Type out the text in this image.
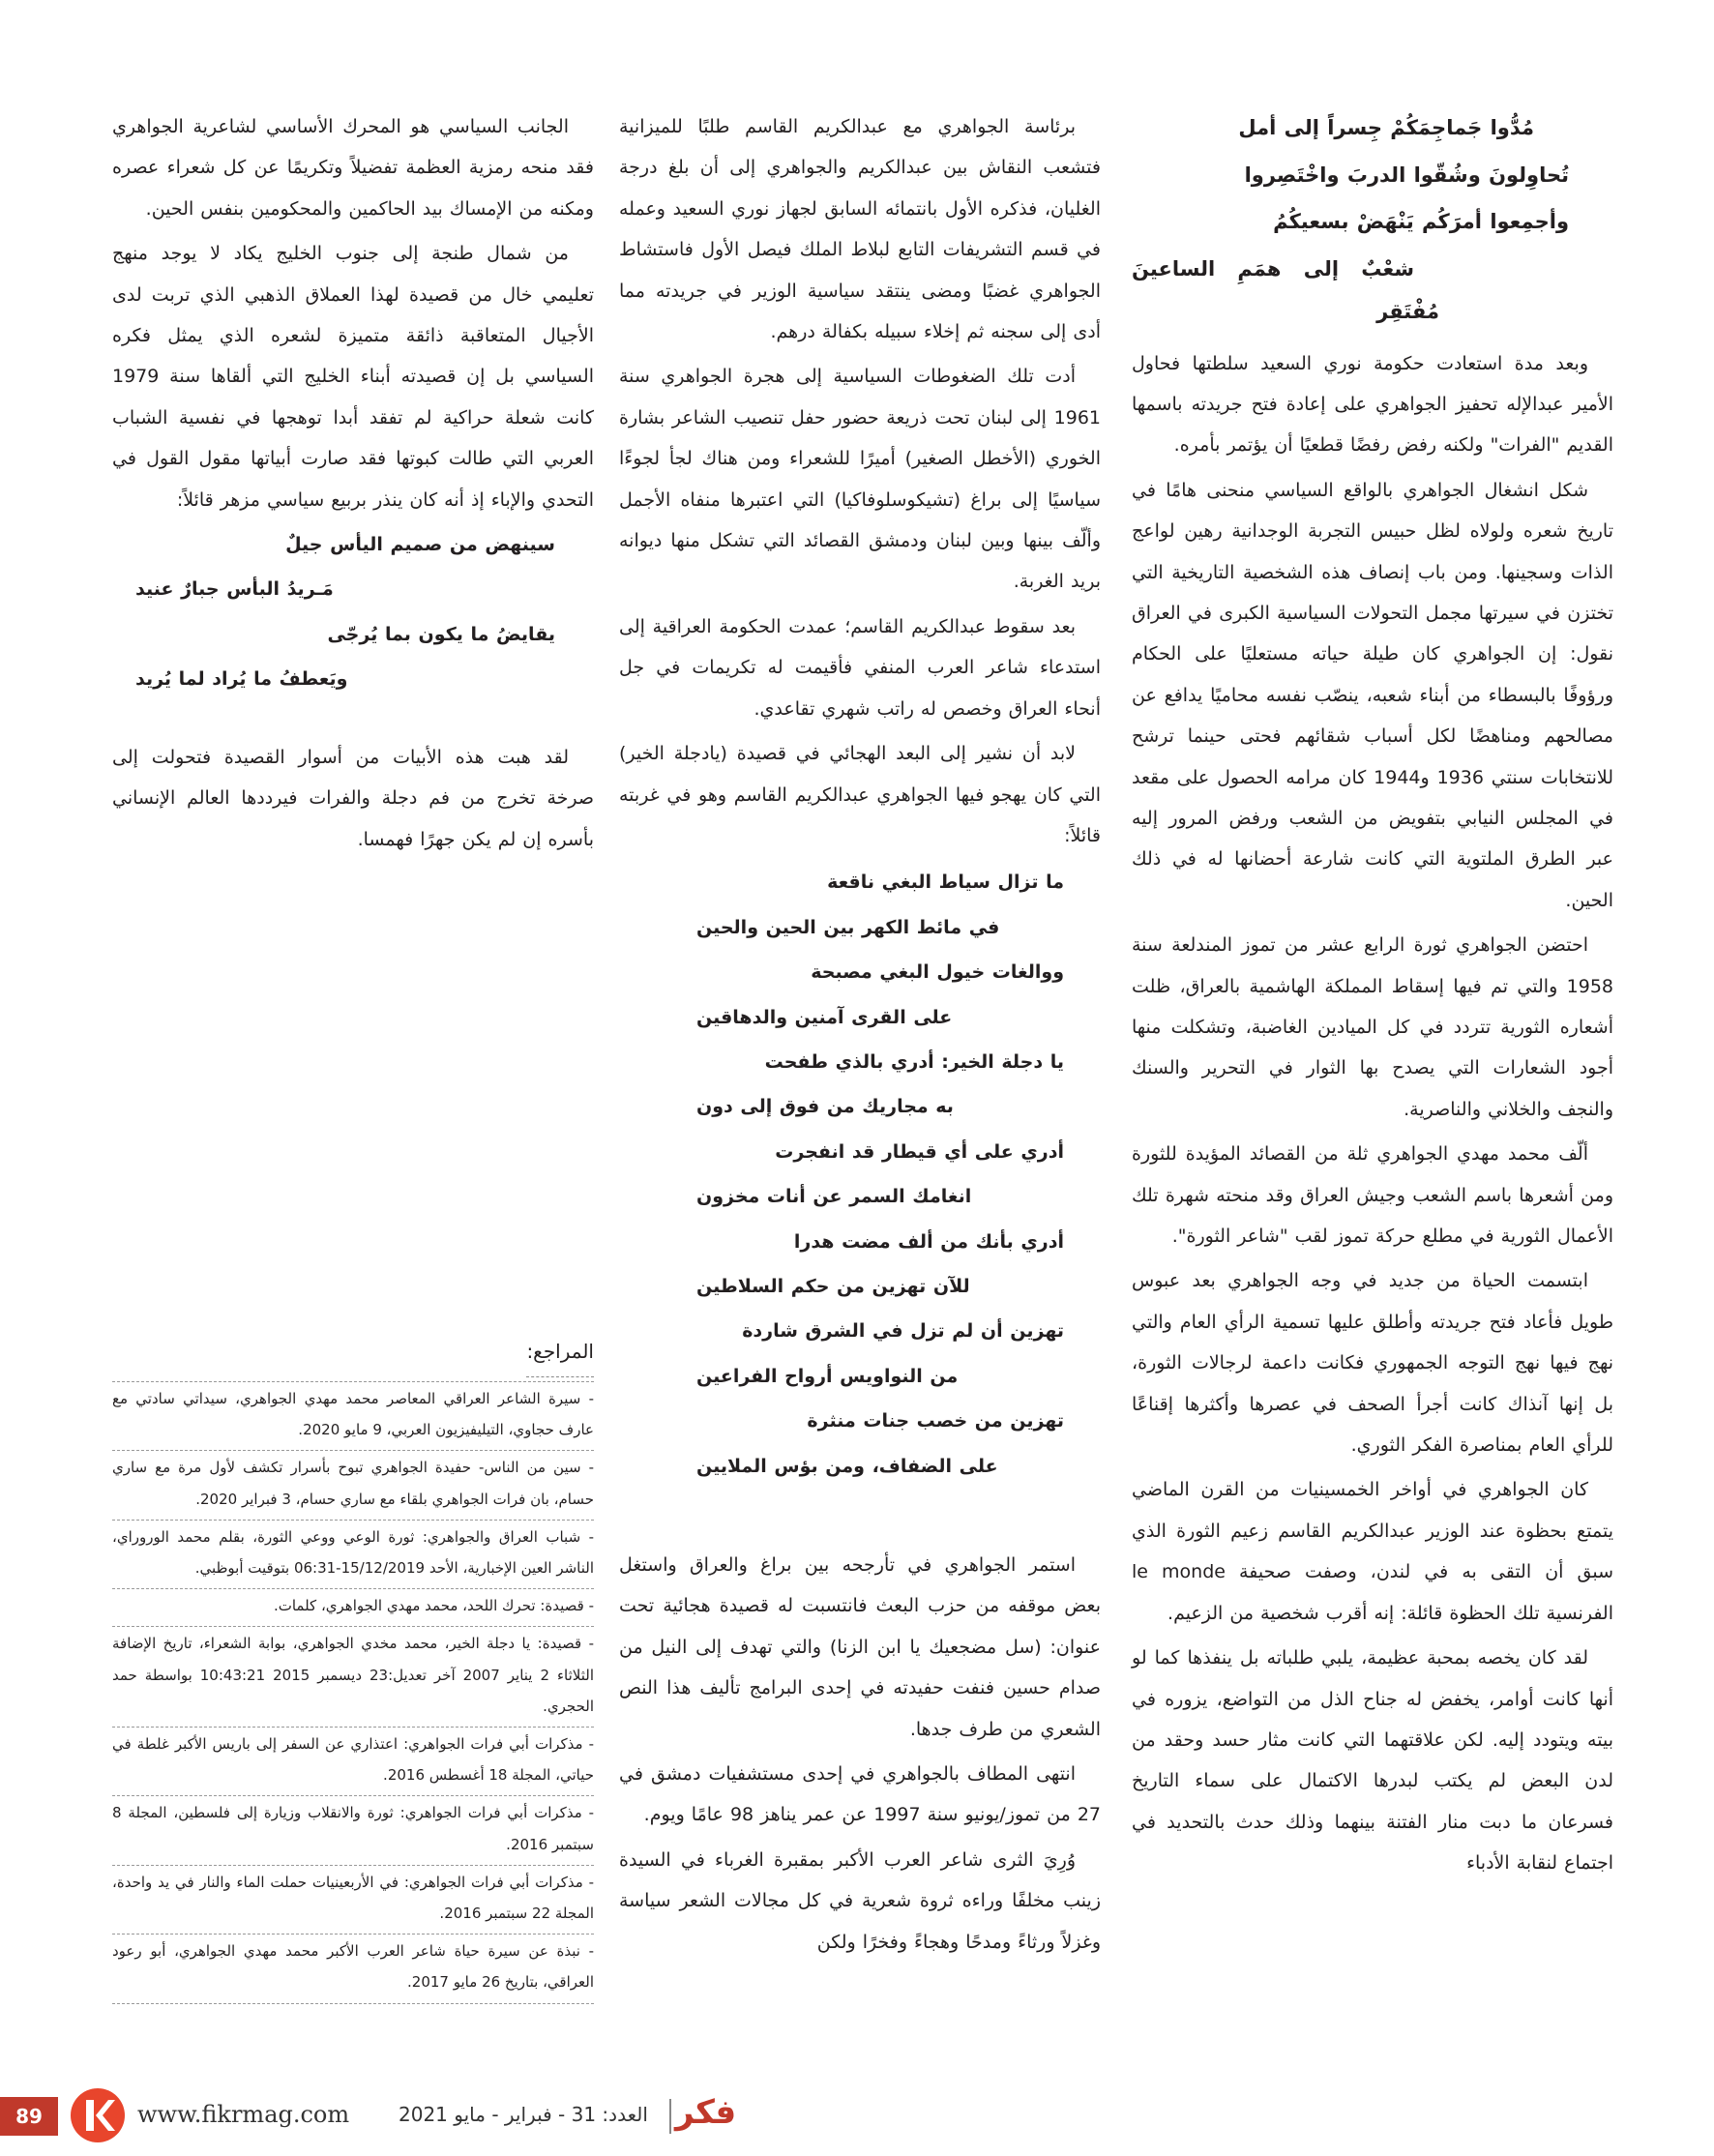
مُدُّوا جَماجِمَكُمْ جِسراً إلى أمل

تُحاوِلونَ وشُقّوا الدربَ واخْتَصِروا

وأجمِعوا أمرَكُم يَنْهَضْ بسعيكُمُ

شعْبٌ إلى همَمِ الساعينَ مُفْتَقِر

وبعد مدة استعادت حكومة نوري السعيد سلطتها فحاول الأمير عبدالإله تحفيز الجواهري على إعادة فتح جريدته باسمها القديم "الفرات" ولكنه رفض رفضًا قطعيًا أن يؤتمر بأمره.

شكل انشغال الجواهري بالواقع السياسي منحنى هامًا في تاريخ شعره ولولاه لظل حبيس التجربة الوجدانية رهين لواعج الذات وسجينها. ومن باب إنصاف هذه الشخصية التاريخية التي تختزن في سيرتها مجمل التحولات السياسية الكبرى في العراق نقول: إن الجواهري كان طيلة حياته مستعليًا على الحكام ورؤوفًا بالبسطاء من أبناء شعبه، ينصّب نفسه محاميًا يدافع عن مصالحهم ومناهضًا لكل أسباب شقائهم فحتى حينما ترشح للانتخابات سنتي 1936 و1944 كان مرامه الحصول على مقعد في المجلس النيابي بتفويض من الشعب ورفض المرور إليه عبر الطرق الملتوية التي كانت شارعة أحضانها له في ذلك الحين.

احتضن الجواهري ثورة الرابع عشر من تموز المندلعة سنة 1958 والتي تم فيها إسقاط المملكة الهاشمية بالعراق، ظلت أشعاره الثورية تتردد في كل الميادين الغاضبة، وتشكلت منها أجود الشعارات التي يصدح بها الثوار في التحرير والسنك والنجف والخلاني والناصرية.

ألّف محمد مهدي الجواهري ثلة من القصائد المؤيدة للثورة ومن أشعرها باسم الشعب وجيش العراق وقد منحته شهرة تلك الأعمال الثورية في مطلع حركة تموز لقب "شاعر الثورة".

ابتسمت الحياة من جديد في وجه الجواهري بعد عبوس طويل فأعاد فتح جريدته وأطلق عليها تسمية الرأي العام والتي نهج فيها نهج التوجه الجمهوري فكانت داعمة لرجالات الثورة، بل إنها آنذاك كانت أجرأ الصحف في عصرها وأكثرها إقناعًا للرأي العام بمناصرة الفكر الثوري.

كان الجواهري في أواخر الخمسينيات من القرن الماضي يتمتع بحظوة عند الوزير عبدالكريم القاسم زعيم الثورة الذي سبق أن التقى به في لندن، وصفت صحيفة le monde الفرنسية تلك الحظوة قائلة: إنه أقرب شخصية من الزعيم.

لقد كان يخصه بمحبة عظيمة، يلبي طلباته بل ينفذها كما لو أنها كانت أوامر، يخفض له جناح الذل من التواضع، يزوره في بيته ويتودد إليه. لكن علاقتهما التي كانت مثار حسد وحقد من لدن البعض لم يكتب لبدرها الاكتمال على سماء التاريخ فسرعان ما دبت منار الفتنة بينهما وذلك حدث بالتحديد في اجتماع لنقابة الأدباء

برئاسة الجواهري مع عبدالكريم القاسم طلبًا للميزانية فتشعب النقاش بين عبدالكريم والجواهري إلى أن بلغ درجة الغليان، فذكره الأول بانتمائه السابق لجهاز نوري السعيد وعمله في قسم التشريفات التابع لبلاط الملك فيصل الأول فاستشاط الجواهري غضبًا ومضى ينتقد سياسية الوزير في جريدته مما أدى إلى سجنه ثم إخلاء سبيله بكفالة درهم.

أدت تلك الضغوطات السياسية إلى هجرة الجواهري سنة 1961 إلى لبنان تحت ذريعة حضور حفل تنصيب الشاعر بشارة الخوري (الأخطل الصغير) أميرًا للشعراء ومن هناك لجأ لجوءًا سياسيًا إلى براغ (تشيكوسلوفاكيا) التي اعتبرها منفاه الأجمل وألّف بينها وبين لبنان ودمشق القصائد التي تشكل منها ديوانه بريد الغربة.

بعد سقوط عبدالكريم القاسم؛ عمدت الحكومة العراقية إلى استدعاء شاعر العرب المنفي فأقيمت له تكريمات في جل أنحاء العراق وخصص له راتب شهري تقاعدي.

لابد أن نشير إلى البعد الهجائي في قصيدة (يادجلة الخير) التي كان يهجو فيها الجواهري عبدالكريم القاسم وهو في غربته قائلاً:

ما تزال سياط البغي ناقعة

في مائط الكهر بين الحين والحين

ووالغات خيول البغي مصبحة

على القرى آمنين والدهاقين

يا دجلة الخير: أدري بالذي طفحت

به مجاريك من فوق إلى دون

أدري على أي قيطار قد انفجرت

انغامك السمر عن أنات مخزون

أدري بأنك من ألف مضت هدرا

للآن تهزين من حكم السلاطين

تهزين أن لم تزل في الشرق شاردة

من النواويس أرواح الفراعين

تهزين من خصب جنات منثرة

على الضفاف، ومن بؤس الملايين

استمر الجواهري في تأرجحه بين براغ والعراق واستغل بعض موقفه من حزب البعث فانتسبت له قصيدة هجائية تحت عنوان: (سل مضجعيك يا ابن الزنا) والتي تهدف إلى النيل من صدام حسين فنفت حفيدته في إحدى البرامج تأليف هذا النص الشعري من طرف جدها.

انتهى المطاف بالجواهري في إحدى مستشفيات دمشق في 27 من تموز/يونيو سنة 1997 عن عمر يناهز 98 عامًا ويوم.

وُرِيَ الثرى شاعر العرب الأكبر بمقبرة الغرباء في السيدة زينب مخلفًا وراءه ثروة شعرية في كل مجالات الشعر سياسة وغزلاً ورثاءً ومدحًا وهجاءً وفخرًا ولكن

الجانب السياسي هو المحرك الأساسي لشاعرية الجواهري فقد منحه رمزية العظمة تفضيلاً وتكريمًا عن كل شعراء عصره ومكنه من الإمساك بيد الحاكمين والمحكومين بنفس الحين.

من شمال طنجة إلى جنوب الخليج يكاد لا يوجد منهج تعليمي خال من قصيدة لهذا العملاق الذهبي الذي تربت لدى الأجيال المتعاقبة ذائقة متميزة لشعره الذي يمثل فكره السياسي بل إن قصيدته أبناء الخليج التي ألقاها سنة 1979 كانت شعلة حراكية لم تفقد أبدا توهجها في نفسية الشباب العربي التي طالت كبوتها فقد صارت أبياتها مقول القول في التحدي والإباء إذ أنه كان ينذر بربيع سياسي مزهر قائلاً:

سينهض من صميم اليأس جيلٌ

مَـريدُ البأس جبارٌ عنيد

يقايضُ ما يكون بما يُرجّى

ويَعطفُ ما يُراد لما يُريد

لقد هبت هذه الأبيات من أسوار القصيدة فتحولت إلى صرخة تخرج من فم دجلة والفرات فيرددها العالم الإنساني بأسره إن لم يكن جهرًا فهمسا.

المراجع:
- سيرة الشاعر العراقي المعاصر محمد مهدي الجواهري، سيداتي سادتي مع عارف حجاوي، التيليفيزيون العربي، 9 مايو 2020.
- سين من الناس- حفيدة الجواهري تبوح بأسرار تكشف لأول مرة مع ساري حسام، بان فرات الجواهري بلقاء مع ساري حسام، 3 فبراير 2020.
- شباب العراق والجواهري: ثورة الوعي ووعي الثورة، بقلم محمد الوروراي، الناشر العين الإخبارية، الأحد 15/12/2019-06:31 بتوقيت أبوظبي.
- قصيدة: تحرك اللحد، محمد مهدي الجواهري، كلمات.
- قصيدة: يا دجلة الخير، محمد مخدي الجواهري، بوابة الشعراء، تاريخ الإضافة الثلاثاء 2 يناير 2007 آخر تعديل:23 ديسمبر 2015 10:43:21 بواسطة حمد الحجري.
- مذكرات أبي فرات الجواهري: اعتذاري عن السفر إلى باريس الأكبر غلطة في حياتي، المجلة 18 أغسطس 2016.
- مذكرات أبي فرات الجواهري: ثورة والانقلاب وزيارة إلى فلسطين، المجلة 8 سبتمبر 2016.
- مذكرات أبي فرات الجواهري: في الأربعينيات حملت الماء والنار في يد واحدة، المجلة 22 سبتمبر 2016.
- نبذة عن سيرة حياة شاعر العرب الأكبر محمد مهدي الجواهري، أبو رعود العراقي، بتاريخ 26 مايو 2017.
89	www.fikrmag.com	العدد: 31 - فبراير - مايو 2021 فكر
